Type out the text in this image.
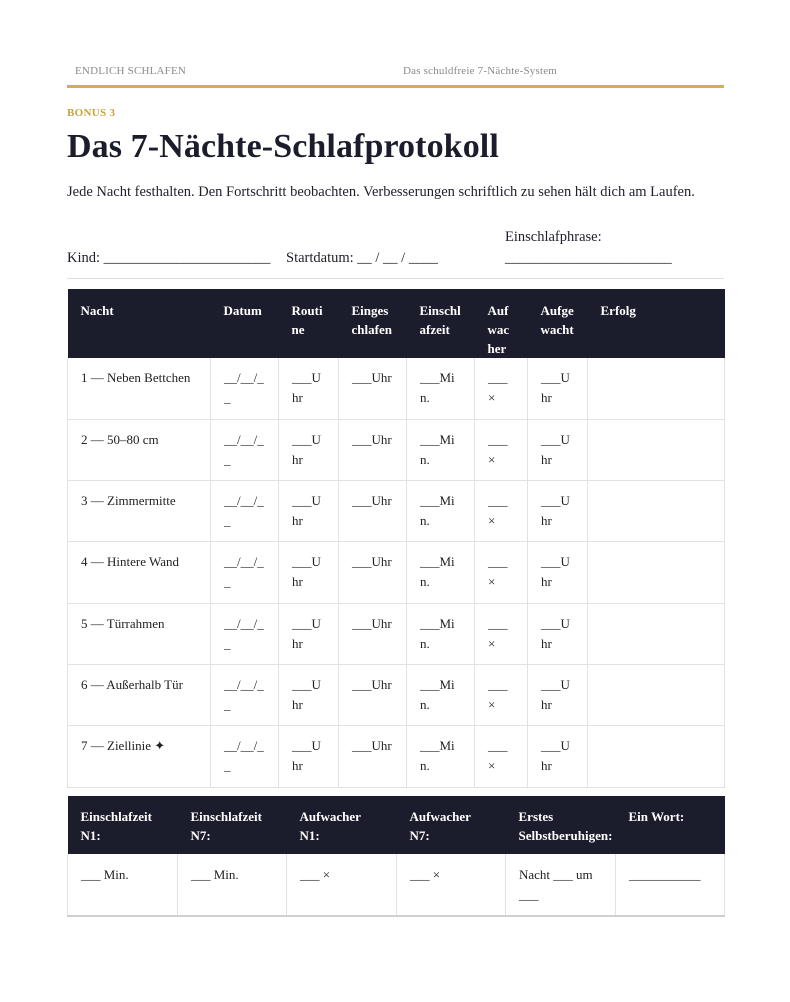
ENDLICH SCHLAFEN	Das schuldfreie 7-Nächte-System
BONUS 3
Das 7-Nächte-Schlafprotokoll

Jede Nacht festhalten. Den Fortschritt beobachten. Verbesserungen schriftlich zu sehen hält dich am Laufen.

Kind: _______________________ Startdatum: __ / __ / ____
Einschlafphrase:
_______________________
Nacht	Datum	Routine	Eingeschlafen	Einschlafzeit	Aufwacher	Aufgewacht	Erfolg
1 — Neben Bettchen	__/__/__	___Uhr	___Uhr	___Min.	___ ×	___Uhr	
2 — 50–80 cm	__/__/__	___Uhr	___Uhr	___Min.	___ ×	___Uhr	
3 — Zimmermitte	__/__/__	___Uhr	___Uhr	___Min.	___ ×	___Uhr	
4 — Hintere Wand	__/__/__	___Uhr	___Uhr	___Min.	___ ×	___Uhr	
5 — Türrahmen	__/__/__	___Uhr	___Uhr	___Min.	___ ×	___Uhr	
6 — Außerhalb Tür	__/__/__	___Uhr	___Uhr	___Min.	___ ×	___Uhr	
7 — Ziellinie ✦	__/__/__	___Uhr	___Uhr	___Min.	___ ×	___Uhr	
Einschlafzeit N1:	Einschlafzeit N7:	Aufwacher N1:	Aufwacher N7:	Erstes Selbstberuhigen:	Ein Wort:
___ Min.	___ Min.	___ ×	___ ×	Nacht ___ um ___	___________
